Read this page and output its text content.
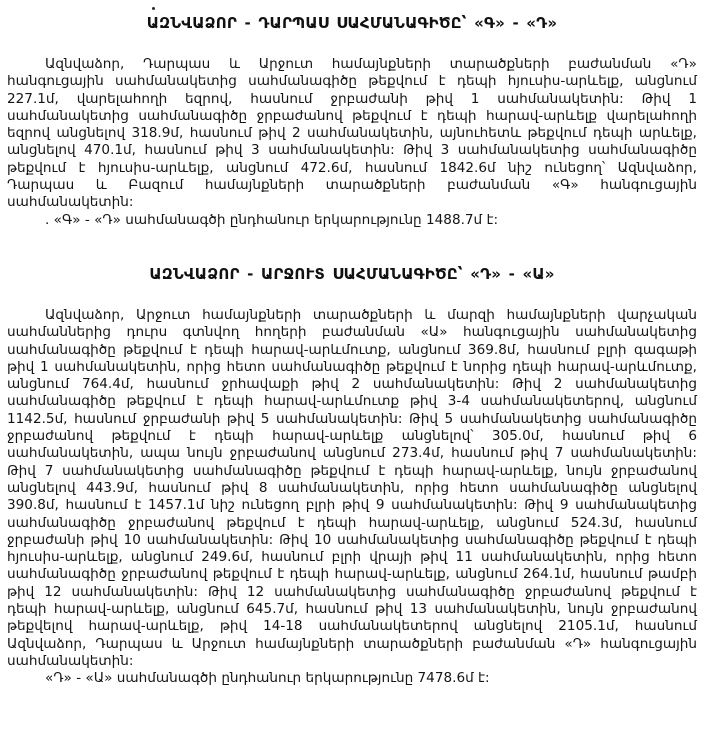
ԱԶՆՎԱՁՈՐ - ԴԱՐՊԱՍ ՍԱՀՄԱՆԱԳԻԾԸ՝ «Գ» - «Դ»

Ազնվաձոր, Դարպաս և Արջուտ համայնքների տարածքների բաժանման «Դ» հանգուցային սահմանակետից սահմանագիծը թեքվում է դեպի հյուսիս-արևելք, անցնում 227.1մ, վարելահողի եզրով, հասնում ջրբաժանի թիվ 1 սահմանակետին: Թիվ 1 սահմանակետից սահմանագիծը ջրբաժանով թեքվում է դեպի հարավ-արևելք վարելահողի եզրով անցնելով 318.9մ, հասնում թիվ 2 սահմանակետին, այնուհետև թեքվում դեպի արևելք, անցնելով 470.1մ, հասնում թիվ 3 սահմանակետին: Թիվ 3 սահմանակետից սահմանագիծը թեքվում է հյուսիս-արևելք, անցնում 472.6մ, հասնում 1842.6մ նիշ ունեցող՝ Ազնվաձոր, Դարպաս և Բազում համայնքների տարածքների բաժանման «Գ» հանգուցային սահմանակետին:

. «Գ» - «Դ» սահմանագծի ընդհանուր երկարությունը 1488.7մ է:

ԱԶՆՎԱՁՈՐ - ԱՐՋՈՒՏ ՍԱՀՄԱՆԱԳԻԾԸ՝ «Դ» - «Ա»

Ազնվաձոր, Արջուտ համայնքների տարածքների և մարզի համայնքների վարչական սահմաններից դուրս գտնվող հողերի բաժանման «Ա» հանգուցային սահմանակետից սահմանագիծը թեքվում է դեպի հարավ-արևմուտք, անցնում 369.8մ, հասնում բլրի գագաթի թիվ 1 սահմանակետին, որից հետո սահմանագիծը թեքվում է նորից դեպի հարավ-արևմուտք, անցնում 764.4մ, հասնում ջրհավաքի թիվ 2 սահմանակետին: Թիվ 2 սահմանակետից սահմանագիծը թեքվում է դեպի հարավ-արևմուտք թիվ 3-4 սահմանակետերով, անցնում 1142.5մ, հասնում ջրբաժանի թիվ 5 սահմանակետին: Թիվ 5 սահմանակետից սահմանագիծը ջրբաժանով թեքվում է դեպի հարավ-արևելք անցնելով՝ 305.0մ, հասնում թիվ 6 սահմանակետին, ապա նույն ջրբաժանով անցնում 273.4մ, հասնում թիվ 7 սահմանակետին: Թիվ 7 սահմանակետից սահմանագիծը թեքվում է դեպի հարավ-արևելք, նույն ջրբաժանով անցնելով 443.9մ, հասնում թիվ 8 սահմանակետին, որից հետո սահմանագիծը անցնելով 390.8մ, հասնում է 1457.1մ նիշ ունեցող բլրի թիվ 9 սահմանակետին: Թիվ 9 սահմանակետից սահմանագիծը ջրբաժանով թեքվում է դեպի հարավ-արևելք, անցնում 524.3մ, հասնում ջրբաժանի թիվ 10 սահմանակետին: Թիվ 10 սահմանակետից սահմանագիծը թեքվում է դեպի հյուսիս-արևելք, անցնում 249.6մ, հասնում բլրի վրայի թիվ 11 սահմանակետին, որից հետո սահմանագիծը ջրբաժանով թեքվում է դեպի հարավ-արևելք, անցնում 264.1մ, հասնում թամբի թիվ 12 սահմանակետին: Թիվ 12 սահմանակետից սահմանագիծը ջրբաժանով թեքվում է դեպի հարավ-արևելք, անցնում 645.7մ, հասնում թիվ 13 սահմանակետին, նույն ջրբաժանով թեքվելով հարավ-արևելք, թիվ 14-18 սահմանակետերով անցնելով 2105.1մ, հասնում Ազնվաձոր, Դարպաս և Արջուտ համայնքների տարածքների բաժանման «Դ» հանգուցային սահմանակետին:

«Դ» - «Ա» սահմանագծի ընդհանուր երկարությունը 7478.6մ է:
